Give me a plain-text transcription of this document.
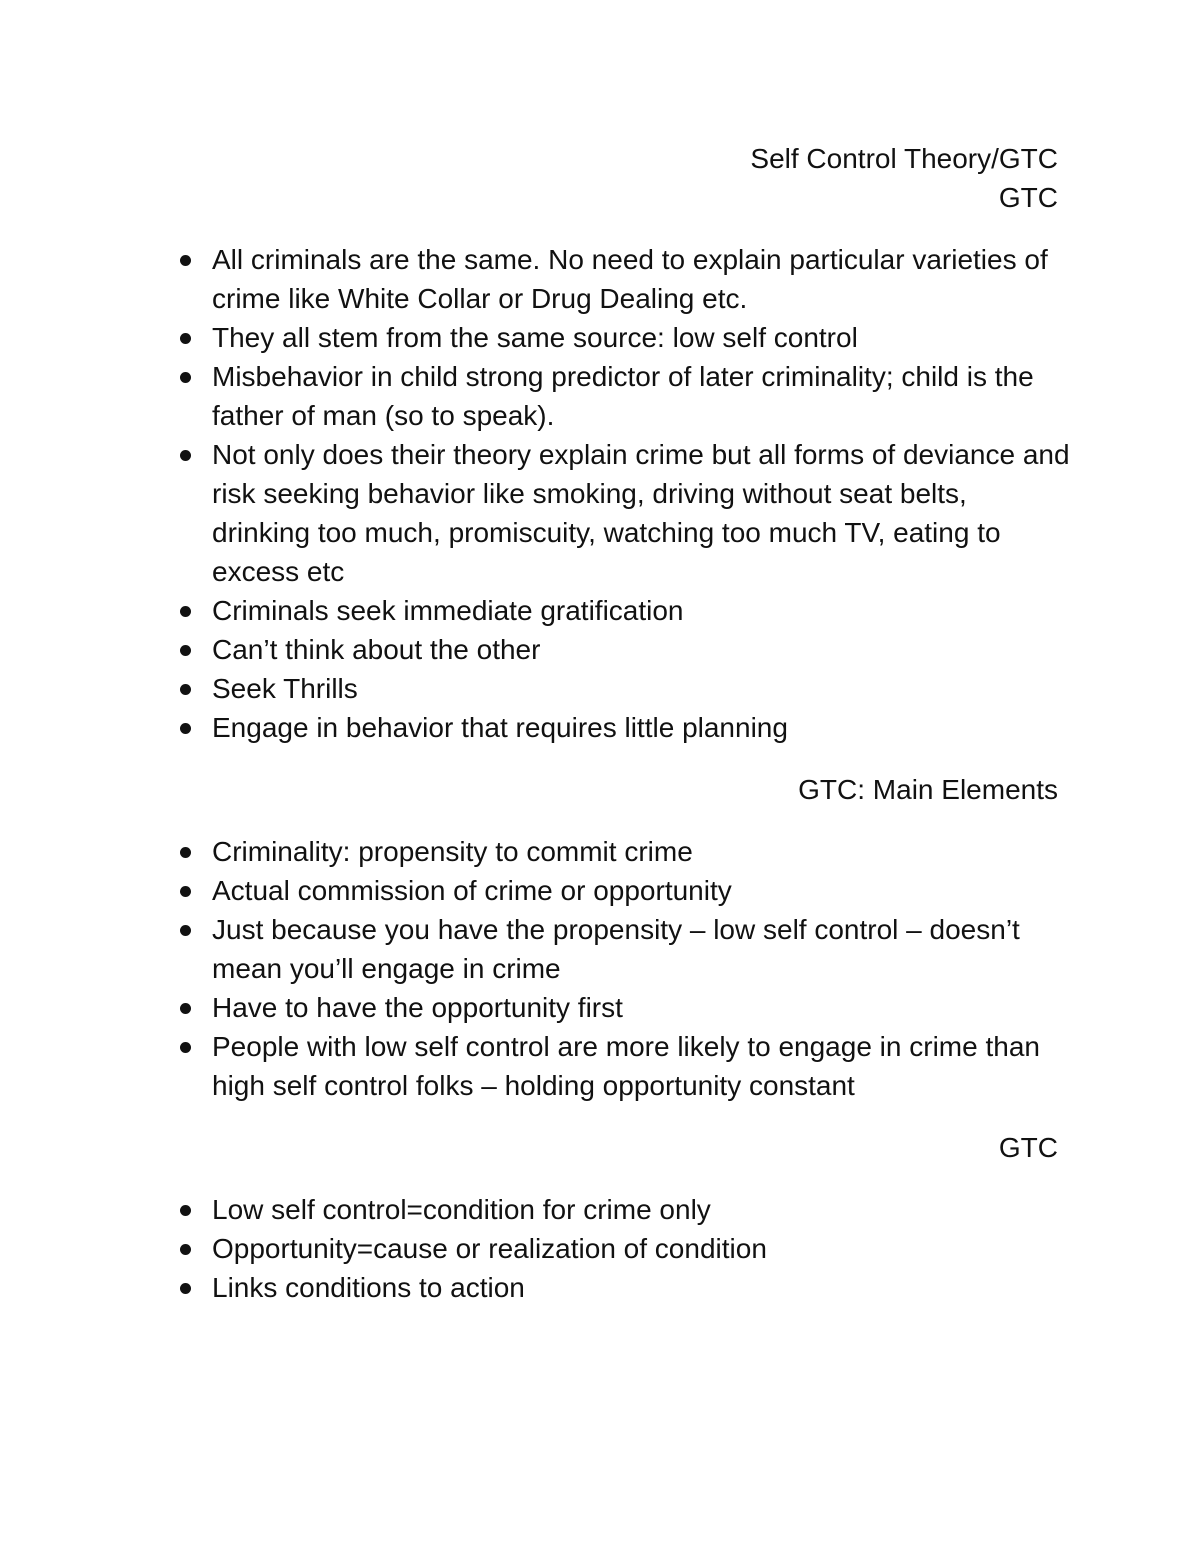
Self Control Theory/GTC
GTC
All criminals are the same. No need to explain particular varieties of crime like White Collar or Drug Dealing etc.
They all stem from the same source: low self control
Misbehavior in child strong predictor of later criminality; child is the father of man (so to speak).
Not only does their theory explain crime but all forms of deviance and risk seeking behavior like smoking, driving without seat belts, drinking too much, promiscuity, watching too much TV, eating to excess etc
Criminals seek immediate gratification
Can’t think about the other
Seek Thrills
Engage in behavior that requires little planning
GTC: Main Elements
Criminality: propensity to commit crime
Actual commission of crime or opportunity
Just because you have the propensity – low self control – doesn’t mean you’ll engage in crime
Have to have the opportunity first
People with low self control are more likely to engage in crime than high self control folks – holding opportunity constant
GTC
Low self control=condition for crime only
Opportunity=cause or realization of condition
Links conditions to action
